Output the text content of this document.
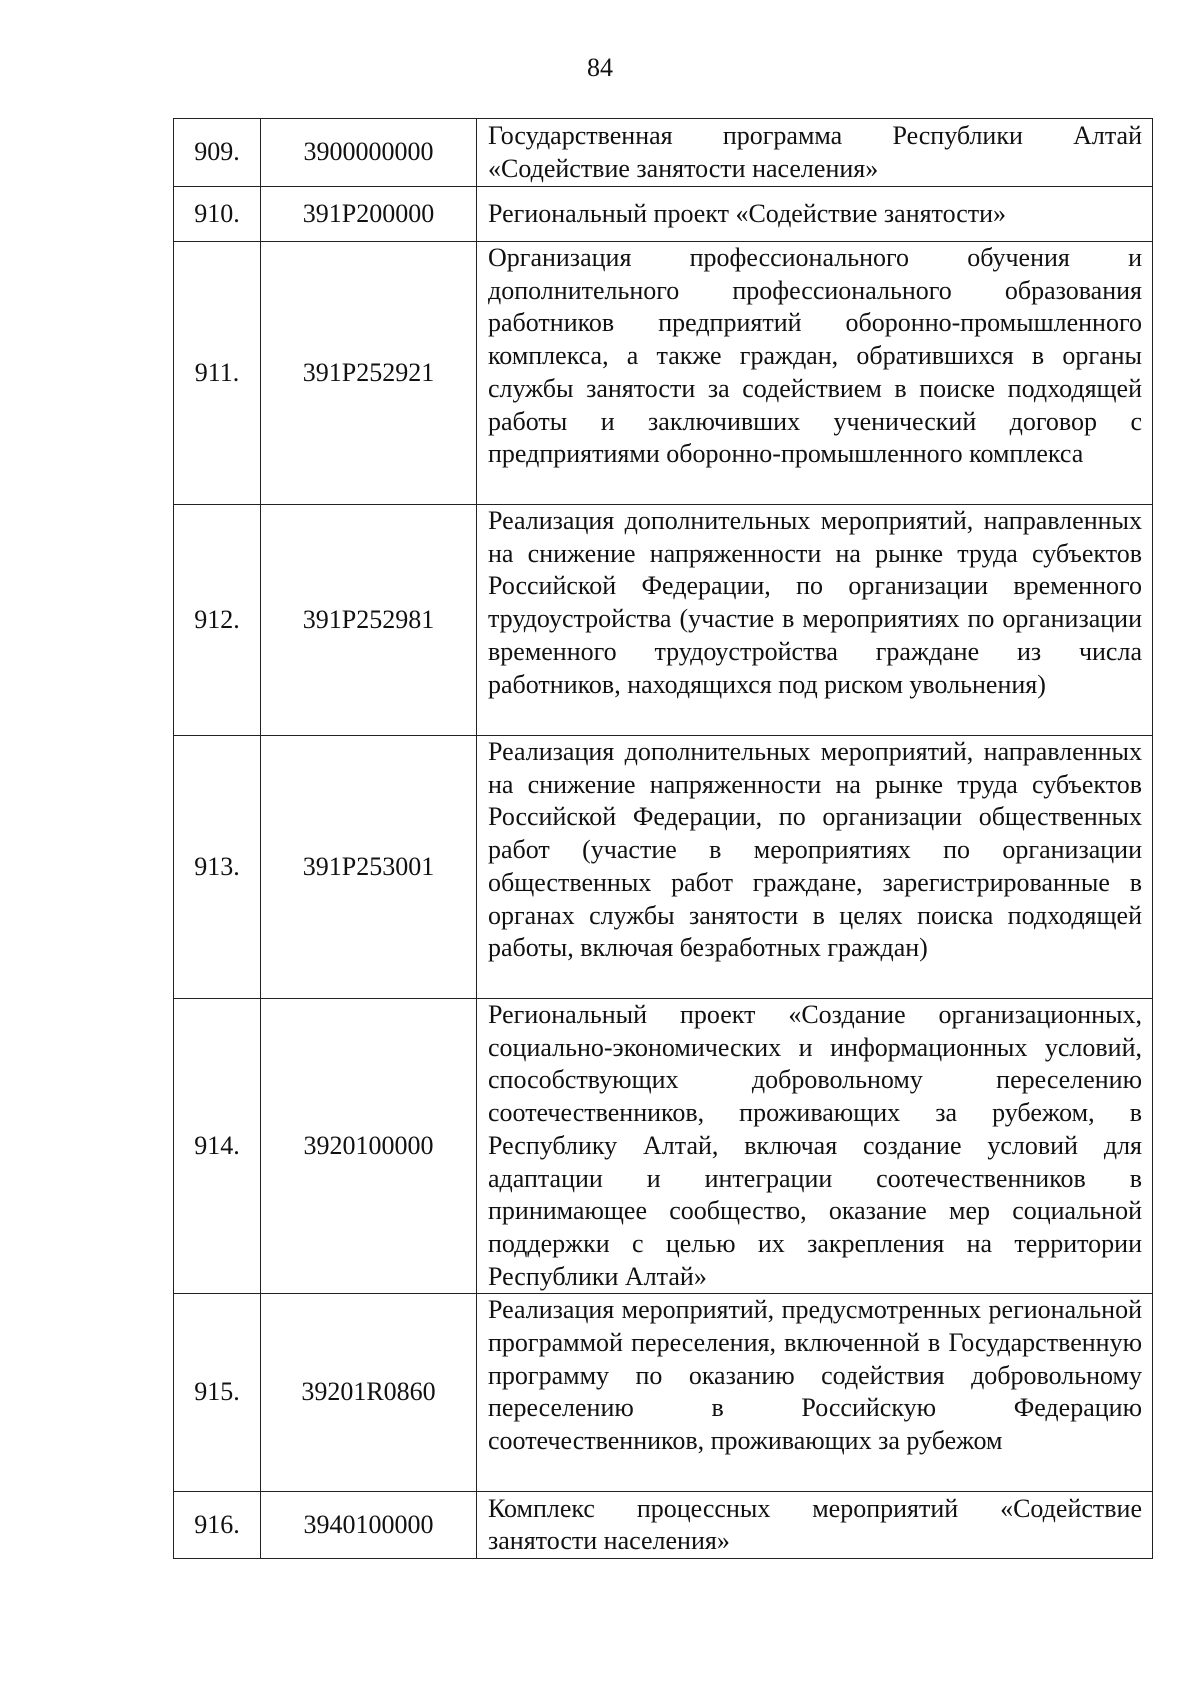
84
909.	3900000000	Государственная программа Республики Алтай «Содействие занятости населения»
910.	391P200000	Региональный проект «Содействие занятости»
911.	391P252921	Организация профессионального обучения и дополнительного профессионального образования работников предприятий оборонно-промышленного комплекса, а также граждан, обратившихся в органы службы занятости за содействием в поиске подходящей работы и заключивших ученический договор с предприятиями оборонно-промышленного комплекса
912.	391P252981	Реализация дополнительных мероприятий, направленных на снижение напряженности на рынке труда субъектов Российской Федерации, по организации временного трудоустройства (участие в мероприятиях по организации временного трудоустройства граждане из числа работников, находящихся под риском увольнения)
913.	391P253001	Реализация дополнительных мероприятий, направленных на снижение напряженности на рынке труда субъектов Российской Федерации, по организации общественных работ (участие в мероприятиях по организации общественных работ граждане, зарегистрированные в органах службы занятости в целях поиска подходящей работы, включая безработных граждан)
914.	3920100000	Региональный проект «Создание организационных, социально-экономических и информационных условий, способствующих добровольному переселению соотечественников, проживающих за рубежом, в Республику Алтай, включая создание условий для адаптации и интеграции соотечественников в принимающее сообщество, оказание мер социальной поддержки с целью их закрепления на территории Республики Алтай»
915.	39201R0860	Реализация мероприятий, предусмотренных региональной программой переселения, включенной в Государственную программу по оказанию содействия добровольному переселению в Российскую Федерацию соотечественников, проживающих за рубежом
916.	3940100000	Комплекс процессных мероприятий «Содействие занятости населения»
